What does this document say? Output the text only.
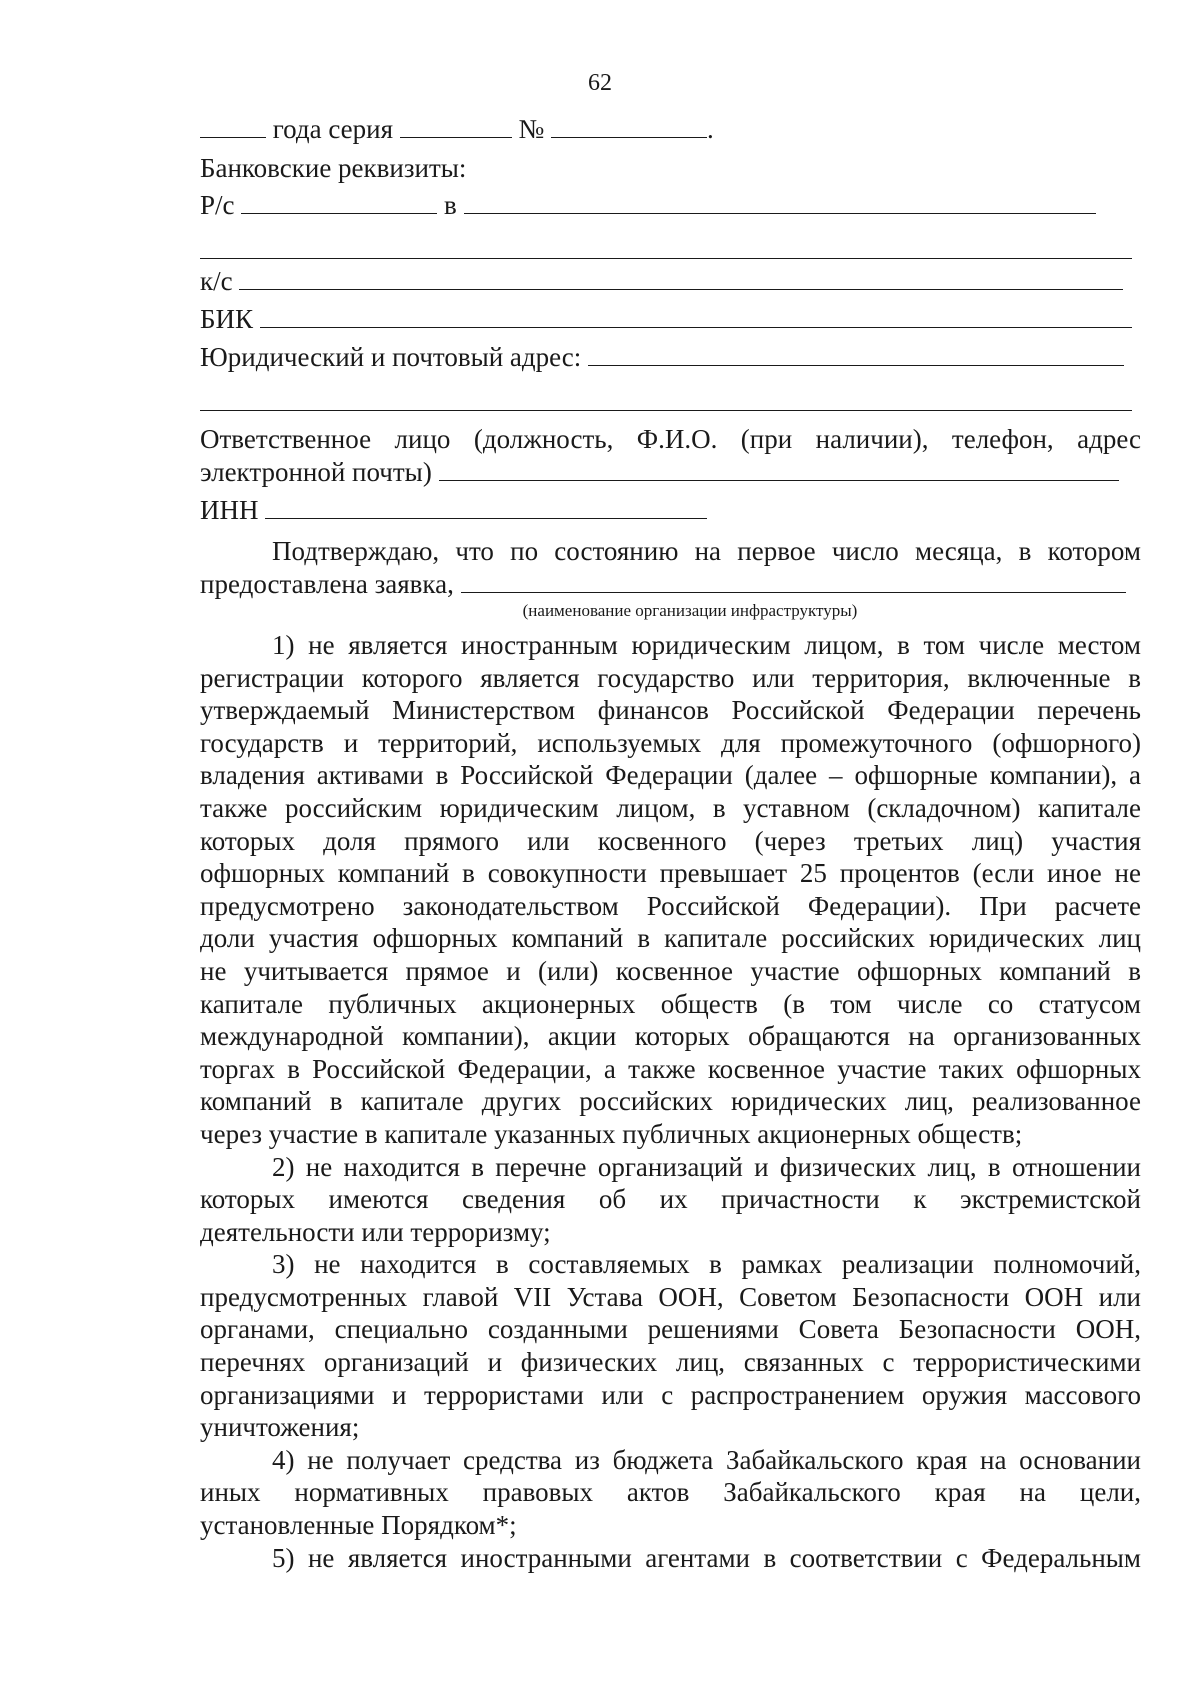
62
года серия	№	.
Банковские реквизиты:
Р/с	в
к/с
БИК
Юридический и почтовый адрес:

Ответственное лицо (должность, Ф.И.О. (при наличии), телефон, адрес

электронной почты)
ИНН

Подтверждаю, что по состоянию на первое число месяца, в котором

предоставлена заявка,

(наименование организации инфраструктуры)

1) не является иностранным юридическим лицом, в том числе местом

регистрации которого является государство или территория, включенные в

утверждаемый Министерством финансов Российской Федерации перечень

государств и территорий, используемых для промежуточного (офшорного)

владения активами в Российской Федерации (далее – офшорные компании), а

также российским юридическим лицом, в уставном (складочном) капитале

которых доля прямого или косвенного (через третьих лиц) участия

офшорных компаний в совокупности превышает 25 процентов (если иное не

предусмотрено законодательством Российской Федерации). При расчете

доли участия офшорных компаний в капитале российских юридических лиц

не учитывается прямое и (или) косвенное участие офшорных компаний в

капитале публичных акционерных обществ (в том числе со статусом

международной компании), акции которых обращаются на организованных

торгах в Российской Федерации, а также косвенное участие таких офшорных

компаний в капитале других российских юридических лиц, реализованное

через участие в капитале указанных публичных акционерных обществ;

2) не находится в перечне организаций и физических лиц, в отношении

которых имеются сведения об их причастности к экстремистской

деятельности или терроризму;

3) не находится в составляемых в рамках реализации полномочий,

предусмотренных главой VII Устава ООН, Советом Безопасности ООН или

органами, специально созданными решениями Совета Безопасности ООН,

перечнях организаций и физических лиц, связанных с террористическими

организациями и террористами или с распространением оружия массового

уничтожения;

4) не получает средства из бюджета Забайкальского края на основании

иных нормативных правовых актов Забайкальского края на цели,

установленные Порядком*;

5) не является иностранными агентами в соответствии с Федеральным
